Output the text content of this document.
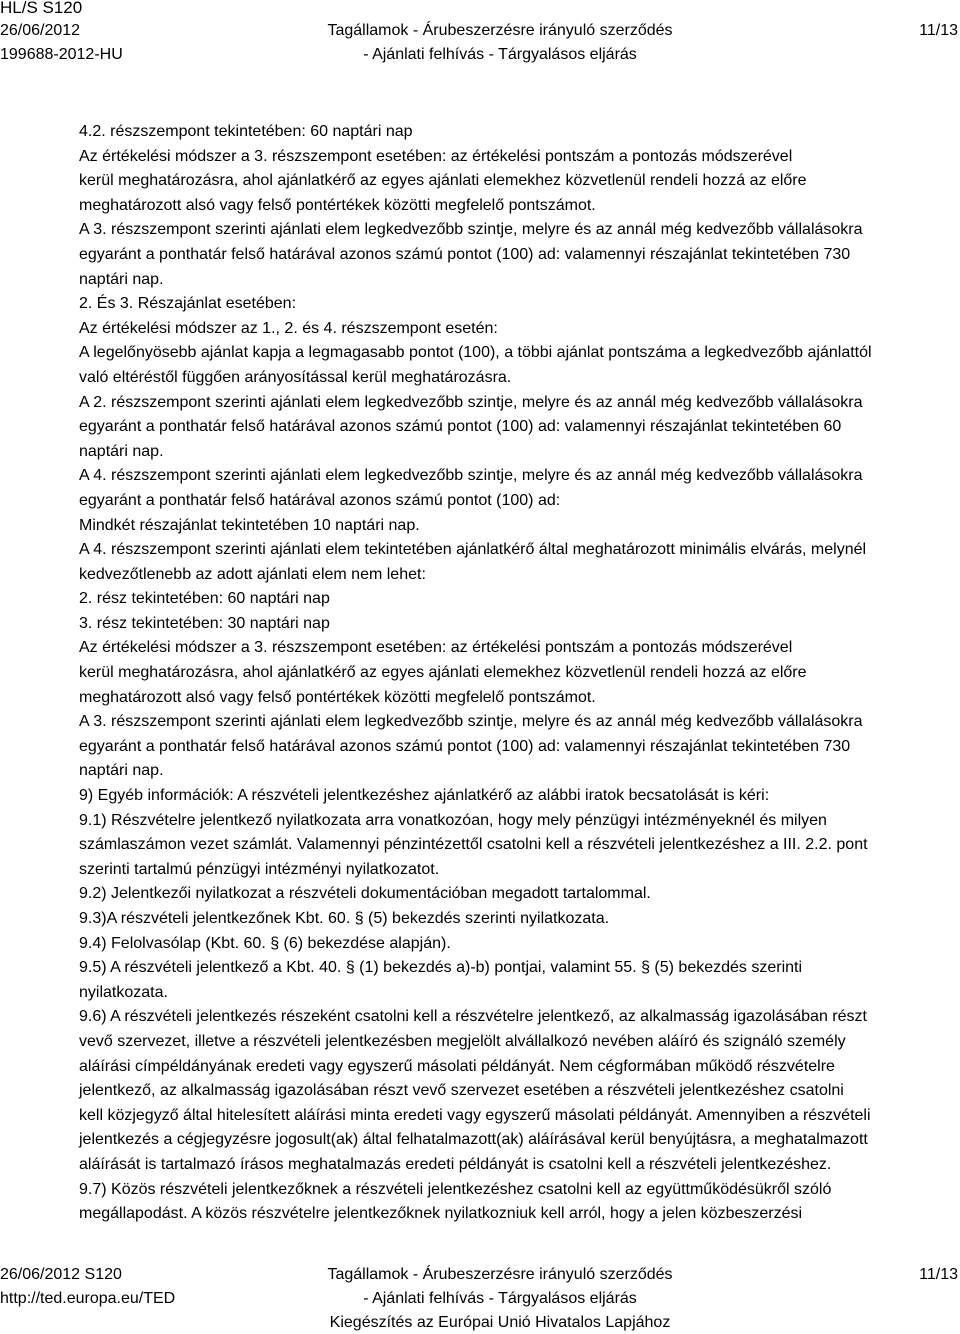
HL/S S120
26/06/2012
199688-2012-HU
Tagállamok - Árubeszerzésre irányuló szerződés
- Ajánlati felhívás - Tárgyalásos eljárás
11/13

4.2. részszempont tekintetében: 60 naptári nap

Az értékelési módszer a 3. részszempont esetében: az értékelési pontszám a pontozás módszerével

kerül meghatározásra, ahol ajánlatkérő az egyes ajánlati elemekhez közvetlenül rendeli hozzá az előre

meghatározott alsó vagy felső pontértékek közötti megfelelő pontszámot.

A 3. részszempont szerinti ajánlati elem legkedvezőbb szintje, melyre és az annál még kedvezőbb vállalásokra

egyaránt a ponthatár felső határával azonos számú pontot (100) ad: valamennyi részajánlat tekintetében 730

naptári nap.

2. És 3. Részajánlat esetében:

Az értékelési módszer az 1., 2. és 4. részszempont esetén:

A legelőnyösebb ajánlat kapja a legmagasabb pontot (100), a többi ajánlat pontszáma a legkedvezőbb ajánlattól

való eltéréstől függően arányosítással kerül meghatározásra.

A 2. részszempont szerinti ajánlati elem legkedvezőbb szintje, melyre és az annál még kedvezőbb vállalásokra

egyaránt a ponthatár felső határával azonos számú pontot (100) ad: valamennyi részajánlat tekintetében 60

naptári nap.

A 4. részszempont szerinti ajánlati elem legkedvezőbb szintje, melyre és az annál még kedvezőbb vállalásokra

egyaránt a ponthatár felső határával azonos számú pontot (100) ad:

Mindkét részajánlat tekintetében 10 naptári nap.

A 4. részszempont szerinti ajánlati elem tekintetében ajánlatkérő által meghatározott minimális elvárás, melynél

kedvezőtlenebb az adott ajánlati elem nem lehet:

2. rész tekintetében: 60 naptári nap

3. rész tekintetében: 30 naptári nap

Az értékelési módszer a 3. részszempont esetében: az értékelési pontszám a pontozás módszerével

kerül meghatározásra, ahol ajánlatkérő az egyes ajánlati elemekhez közvetlenül rendeli hozzá az előre

meghatározott alsó vagy felső pontértékek közötti megfelelő pontszámot.

A 3. részszempont szerinti ajánlati elem legkedvezőbb szintje, melyre és az annál még kedvezőbb vállalásokra

egyaránt a ponthatár felső határával azonos számú pontot (100) ad: valamennyi részajánlat tekintetében 730

naptári nap.

9) Egyéb információk: A részvételi jelentkezéshez ajánlatkérő az alábbi iratok becsatolását is kéri:

9.1) Részvételre jelentkező nyilatkozata arra vonatkozóan, hogy mely pénzügyi intézményeknél és milyen

számlaszámon vezet számlát. Valamennyi pénzintézettől csatolni kell a részvételi jelentkezéshez a III. 2.2. pont

szerinti tartalmú pénzügyi intézményi nyilatkozatot.

9.2) Jelentkezői nyilatkozat a részvételi dokumentációban megadott tartalommal.

9.3)A részvételi jelentkezőnek Kbt. 60. § (5) bekezdés szerinti nyilatkozata.

9.4) Felolvasólap (Kbt. 60. § (6) bekezdése alapján).

9.5) A részvételi jelentkező a Kbt. 40. § (1) bekezdés a)-b) pontjai, valamint 55. § (5) bekezdés szerinti

nyilatkozata.

9.6) A részvételi jelentkezés részeként csatolni kell a részvételre jelentkező, az alkalmasság igazolásában részt

vevő szervezet, illetve a részvételi jelentkezésben megjelölt alvállalkozó nevében aláíró és szignáló személy

aláírási címpéldányának eredeti vagy egyszerű másolati példányát. Nem cégformában működő részvételre

jelentkező, az alkalmasság igazolásában részt vevő szervezet esetében a részvételi jelentkezéshez csatolni

kell közjegyző által hitelesített aláírási minta eredeti vagy egyszerű másolati példányát. Amennyiben a részvételi

jelentkezés a cégjegyzésre jogosult(ak) által felhatalmazott(ak) aláírásával kerül benyújtásra, a meghatalmazott

aláírását is tartalmazó írásos meghatalmazás eredeti példányát is csatolni kell a részvételi jelentkezéshez.

9.7) Közös részvételi jelentkezőknek a részvételi jelentkezéshez csatolni kell az együttműködésükről szóló

megállapodást. A közös részvételre jelentkezőknek nyilatkozniuk kell arról, hogy a jelen közbeszerzési

26/06/2012 S120
http://ted.europa.eu/TED
Tagállamok - Árubeszerzésre irányuló szerződés
- Ajánlati felhívás - Tárgyalásos eljárás
Kiegészítés az Európai Unió Hivatalos Lapjához
11/13
